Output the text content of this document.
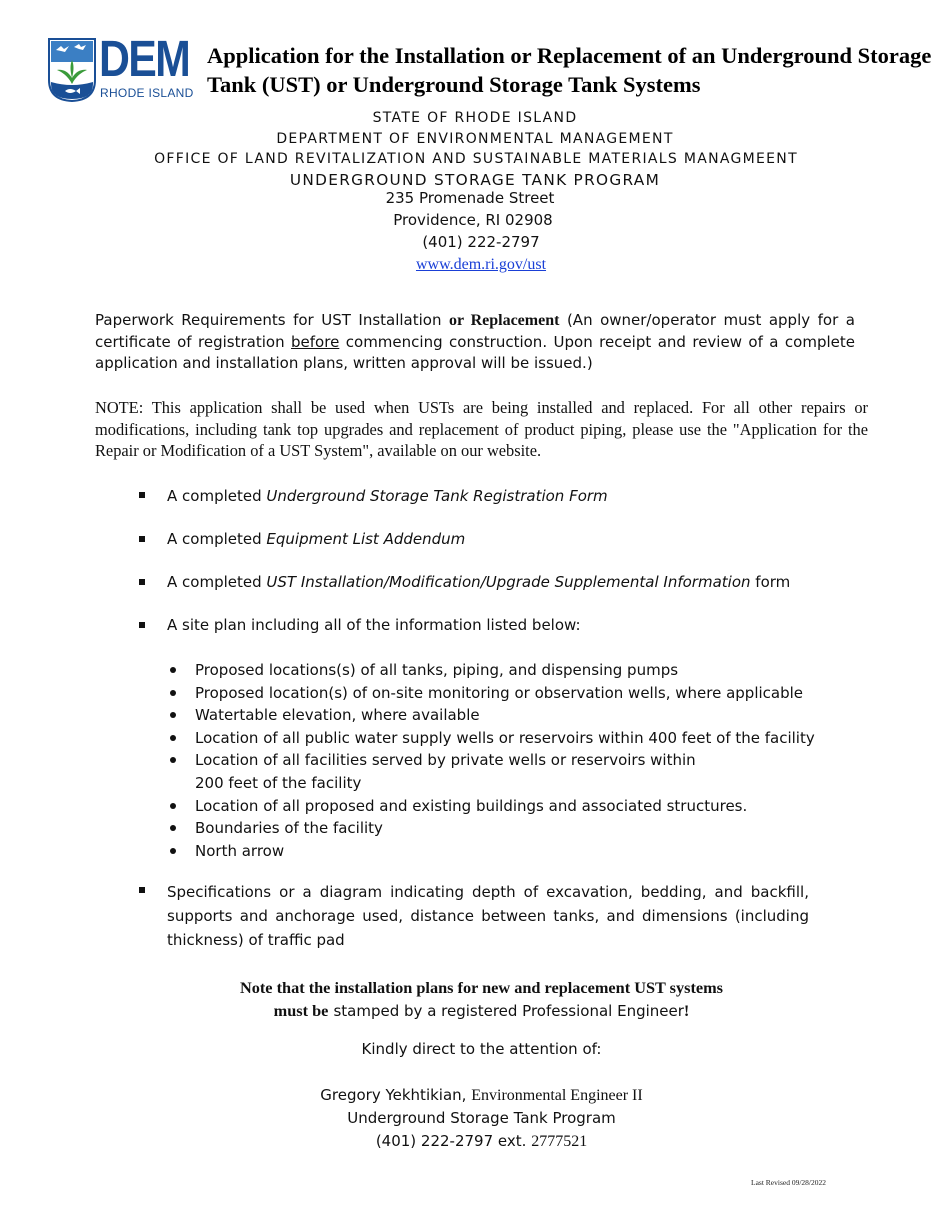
DEM
RHODE ISLAND
Application for the Installation or Replacement of an Underground Storage Tank (UST) or Underground Storage Tank Systems
STATE OF RHODE ISLAND
DEPARTMENT OF ENVIRONMENTAL MANAGEMENT
OFFICE OF LAND REVITALIZATION AND SUSTAINABLE MATERIALS MANAGMEENT
UNDERGROUND STORAGE TANK PROGRAM
235 Promenade Street
Providence, RI 02908
(401) 222-2797
www.dem.ri.gov/ust
Paperwork Requirements for UST Installation or Replacement (An owner/operator must apply for a certificate of registration before commencing construction. Upon receipt and review of a complete application and installation plans, written approval will be issued.)
NOTE: This application shall be used when USTs are being installed and replaced. For all other repairs or modifications, including tank top upgrades and replacement of product piping, please use the "Application for the Repair or Modification of a UST System", available on our website.
A completed Underground Storage Tank Registration Form
A completed Equipment List Addendum
A completed UST Installation/Modification/Upgrade Supplemental Information form
A site plan including all of the information listed below:
Proposed locations(s) of all tanks, piping, and dispensing pumps
Proposed location(s) of on-site monitoring or observation wells, where applicable
Watertable elevation, where available
Location of all public water supply wells or reservoirs within 400 feet of the facility
Location of all facilities served by private wells or reservoirs within 200 feet of the facility
Location of all proposed and existing buildings and associated structures.
Boundaries of the facility
North arrow
Specifications or a diagram indicating depth of excavation, bedding, and backfill, supports and anchorage used, distance between tanks, and dimensions (including thickness) of traffic pad
Note that the installation plans for new and replacement UST systems
must be stamped by a registered Professional Engineer!
Kindly direct to the attention of:
Gregory Yekhtikian, Environmental Engineer II
Underground Storage Tank Program
(401) 222-2797 ext. 2777521
Last Revised 09/28/2022
